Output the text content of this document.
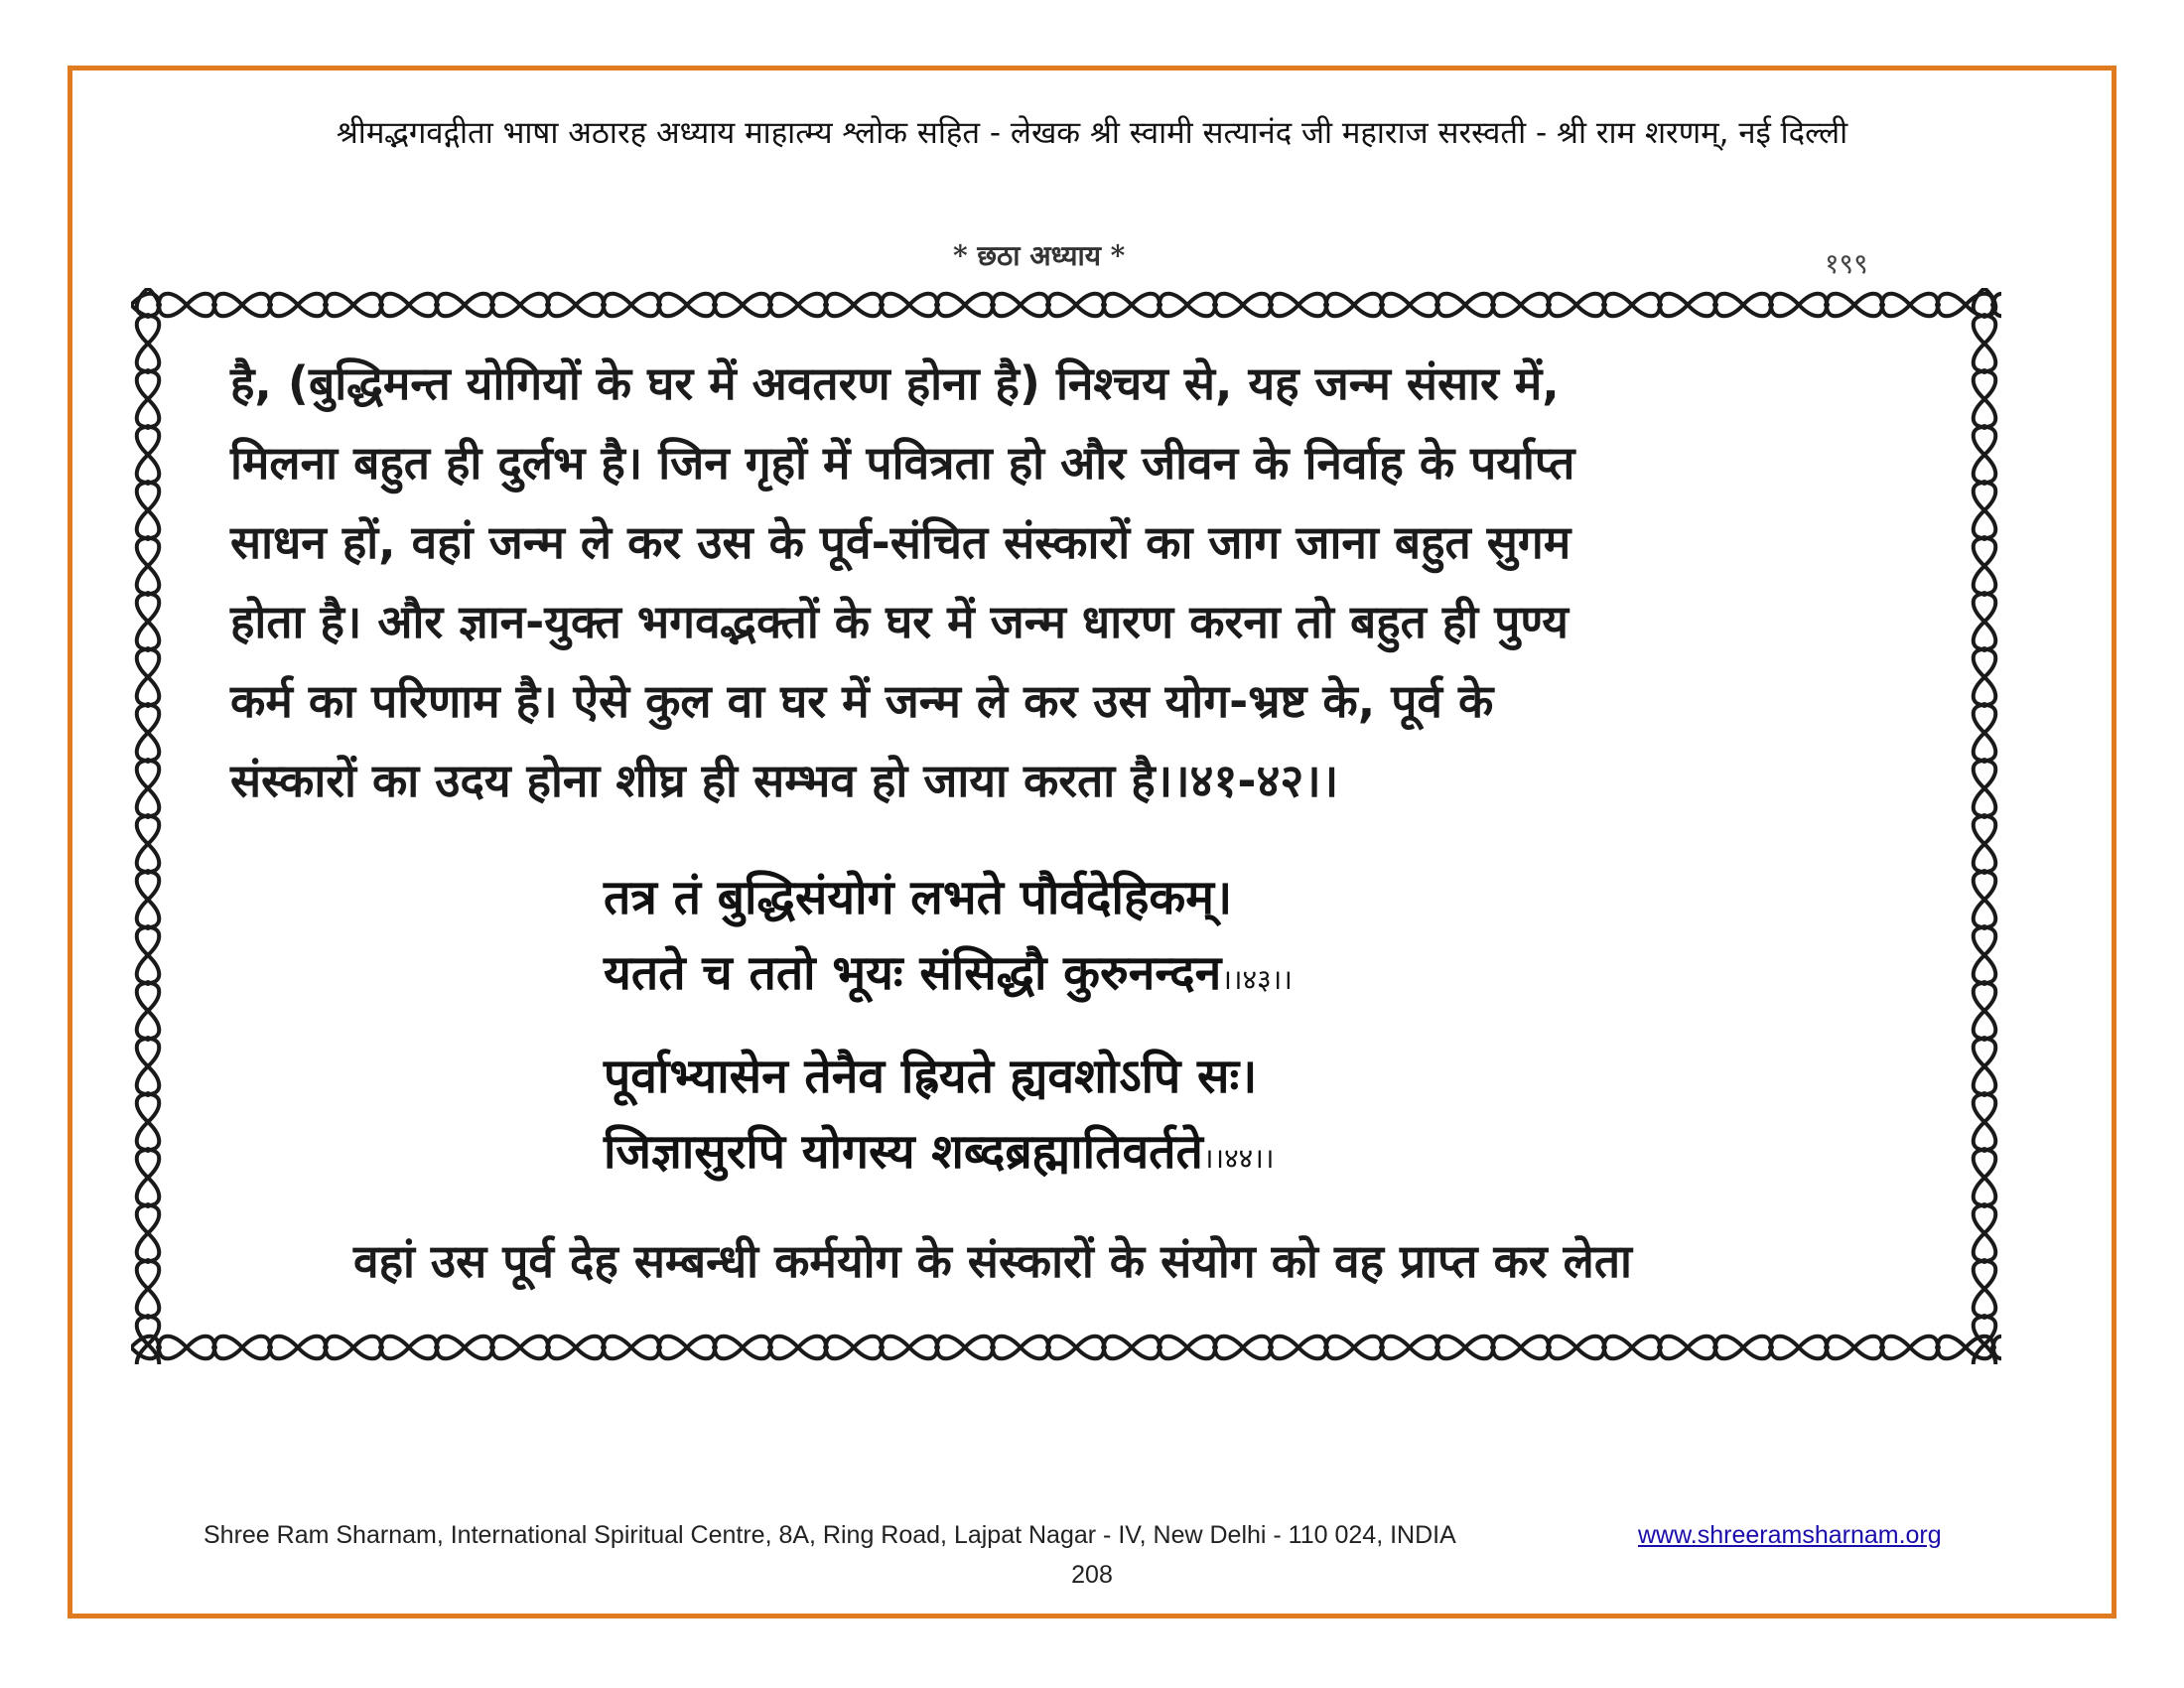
श्रीमद्भगवद्गीता भाषा अठारह अध्याय माहात्म्य श्लोक सहित - लेखक श्री स्वामी सत्यानंद जी महाराज सरस्वती - श्री राम शरणम्, नई दिल्ली
* छठा अध्याय *	१९९
है, (बुद्धिमन्त योगियों के घर में अवतरण होना है) निश्चय से, यह जन्म संसार में,
मिलना बहुत ही दुर्लभ है। जिन गृहों में पवित्रता हो और जीवन के निर्वाह के पर्याप्त
साधन हों, वहां जन्म ले कर उस के पूर्व-संचित संस्कारों का जाग जाना बहुत सुगम
होता है। और ज्ञान-युक्त भगवद्भक्तों के घर में जन्म धारण करना तो बहुत ही पुण्य
कर्म का परिणाम है। ऐसे कुल वा घर में जन्म ले कर उस योग-भ्रष्ट के, पूर्व के
संस्कारों का उदय होना शीघ्र ही सम्भव हो जाया करता है।।४१-४२।।
तत्र तं बुद्धिसंयोगं लभते पौर्वदेहिकम्।
यतते च ततो भूयः संसिद्धौ कुरुनन्दन।।४३।।
पूर्वाभ्यासेन तेनैव ह्रियते ह्यवशोऽपि सः।
जिज्ञासुरपि योगस्य शब्दब्रह्मातिवर्तते।।४४।।
वहां उस पूर्व देह सम्बन्धी कर्मयोग के संस्कारों के संयोग को वह प्राप्त कर लेता
Shree Ram Sharnam, International Spiritual Centre, 8A, Ring Road, Lajpat Nagar - IV, New Delhi - 110 024, INDIA	www.shreeramsharnam.org
208
